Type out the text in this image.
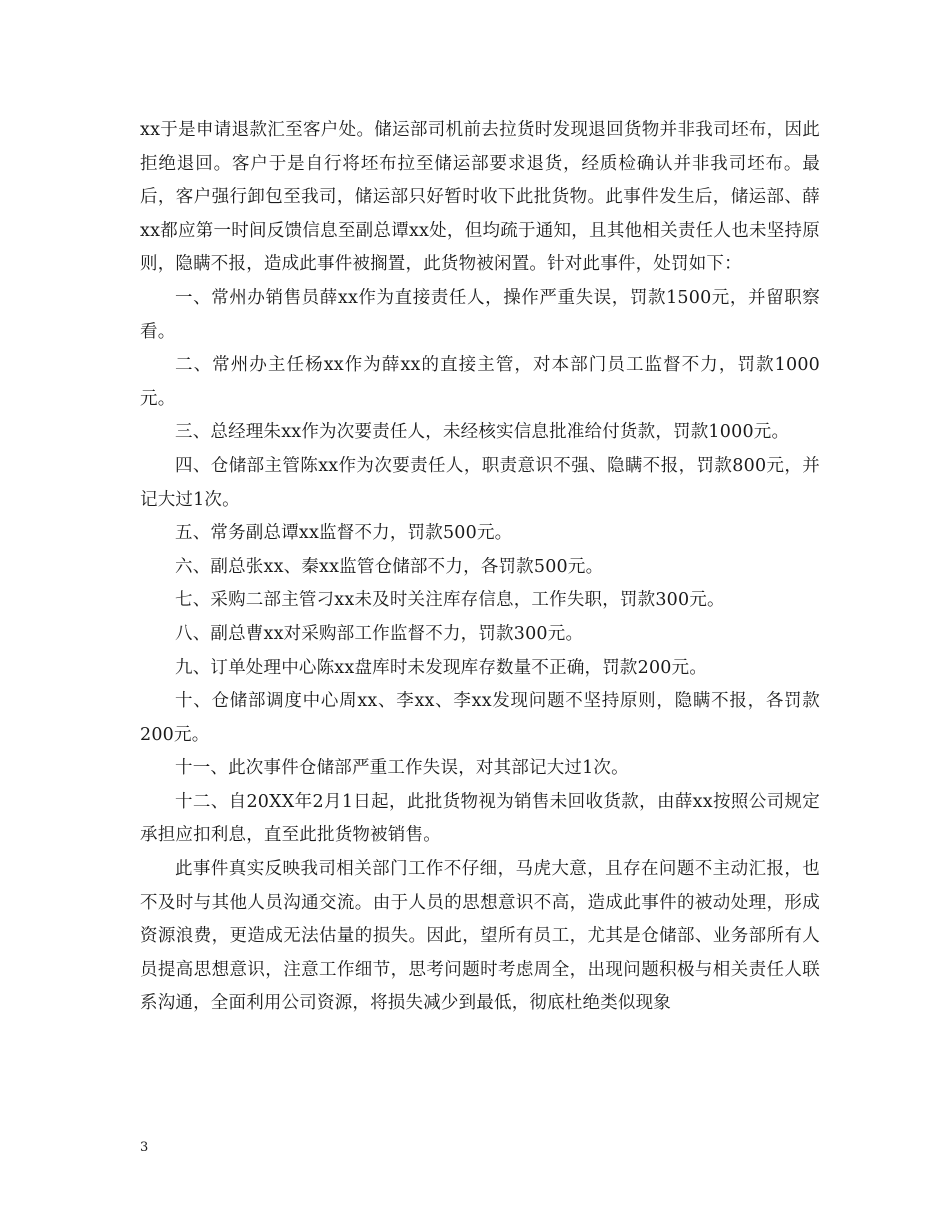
xx于是申请退款汇至客户处。储运部司机前去拉货时发现退回货物并非我司坯布，因此拒绝退回。客户于是自行将坯布拉至储运部要求退货，经质检确认并非我司坯布。最后，客户强行卸包至我司，储运部只好暂时收下此批货物。此事件发生后，储运部、薛xx都应第一时间反馈信息至副总谭xx处，但均疏于通知，且其他相关责任人也未坚持原则，隐瞒不报，造成此事件被搁置，此货物被闲置。针对此事件，处罚如下：

一、常州办销售员薛xx作为直接责任人，操作严重失误，罚款1500元，并留职察看。

二、常州办主任杨xx作为薛xx的直接主管，对本部门员工监督不力，罚款1000元。

三、总经理朱xx作为次要责任人，未经核实信息批准给付货款，罚款1000元。

四、仓储部主管陈xx作为次要责任人，职责意识不强、隐瞒不报，罚款800元，并记大过1次。

五、常务副总谭xx监督不力，罚款500元。

六、副总张xx、秦xx监管仓储部不力，各罚款500元。

七、采购二部主管刁xx未及时关注库存信息，工作失职，罚款300元。

八、副总曹xx对采购部工作监督不力，罚款300元。

九、订单处理中心陈xx盘库时未发现库存数量不正确，罚款200元。

十、仓储部调度中心周xx、李xx、李xx发现问题不坚持原则，隐瞒不报，各罚款200元。

十一、此次事件仓储部严重工作失误，对其部记大过1次。

十二、自20XX年2月1日起，此批货物视为销售未回收货款，由薛xx按照公司规定承担应扣利息，直至此批货物被销售。

此事件真实反映我司相关部门工作不仔细，马虎大意，且存在问题不主动汇报，也不及时与其他人员沟通交流。由于人员的思想意识不高，造成此事件的被动处理，形成资源浪费，更造成无法估量的损失。因此，望所有员工，尤其是仓储部、业务部所有人员提高思想意识，注意工作细节，思考问题时考虑周全，出现问题积极与相关责任人联系沟通，全面利用公司资源，将损失减少到最低，彻底杜绝类似现象

3
